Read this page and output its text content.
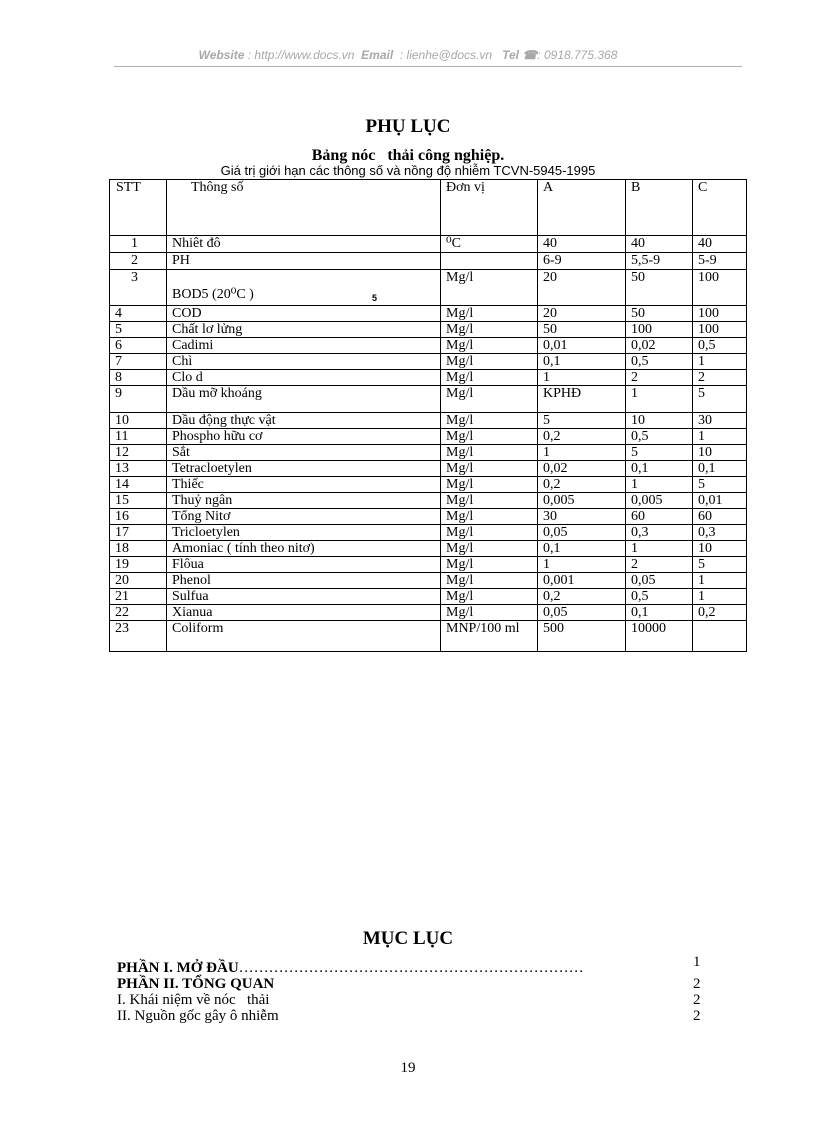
Website : http://www.docs.vn Email : lienhe@docs.vn Tel ☎: 0918.775.368
PHỤ LỤC
Bảng nóc   thải công nghiệp.
Giá trị giới hạn các thông số và nồng độ nhiễm TCVN-5945-1995
STT	Thông số	Đơn vị	A	B	C
1	Nhiêt đô	⁰C	40	40	40
2	PH		6-9	5,5-9	5-9
3	BOD5 (20⁰C ) 5	Mg/l	20	50	100
4	COD	Mg/l	20	50	100
5	Chất lơ lửng	Mg/l	50	100	100
6	Cadimi	Mg/l	0,01	0,02	0,5
7	Chì	Mg/l	0,1	0,5	1
8	Clo d	Mg/l	1	2	2
9	Dầu mỡ khoáng	Mg/l	KPHĐ	1	5
10	Dầu động thực vật	Mg/l	5	10	30
11	Phospho hữu cơ	Mg/l	0,2	0,5	1
12	Sắt	Mg/l	1	5	10
13	Tetracloetylen	Mg/l	0,02	0,1	0,1
14	Thiếc	Mg/l	0,2	1	5
15	Thuỷ ngân	Mg/l	0,005	0,005	0,01
16	Tổng Nitơ	Mg/l	30	60	60
17	Tricloetylen	Mg/l	0,05	0,3	0,3
18	Amoniac ( tính theo nitơ)	Mg/l	0,1	1	10
19	Flôua	Mg/l	1	2	5
20	Phenol	Mg/l	0,001	0,05	1
21	Sulfua	Mg/l	0,2	0,5	1
22	Xianua	Mg/l	0,05	0,1	0,2
23	Coliform	MNP/100 ml	500	10000	
MỤC LỤC
PHẦN I. MỞ ĐẦU……………………………………………………………	1
PHẦN II. TỔNG QUAN	2
I. Khái niệm về nóc   thải	2
II. Nguồn gốc gây ô nhiễm	2
19
